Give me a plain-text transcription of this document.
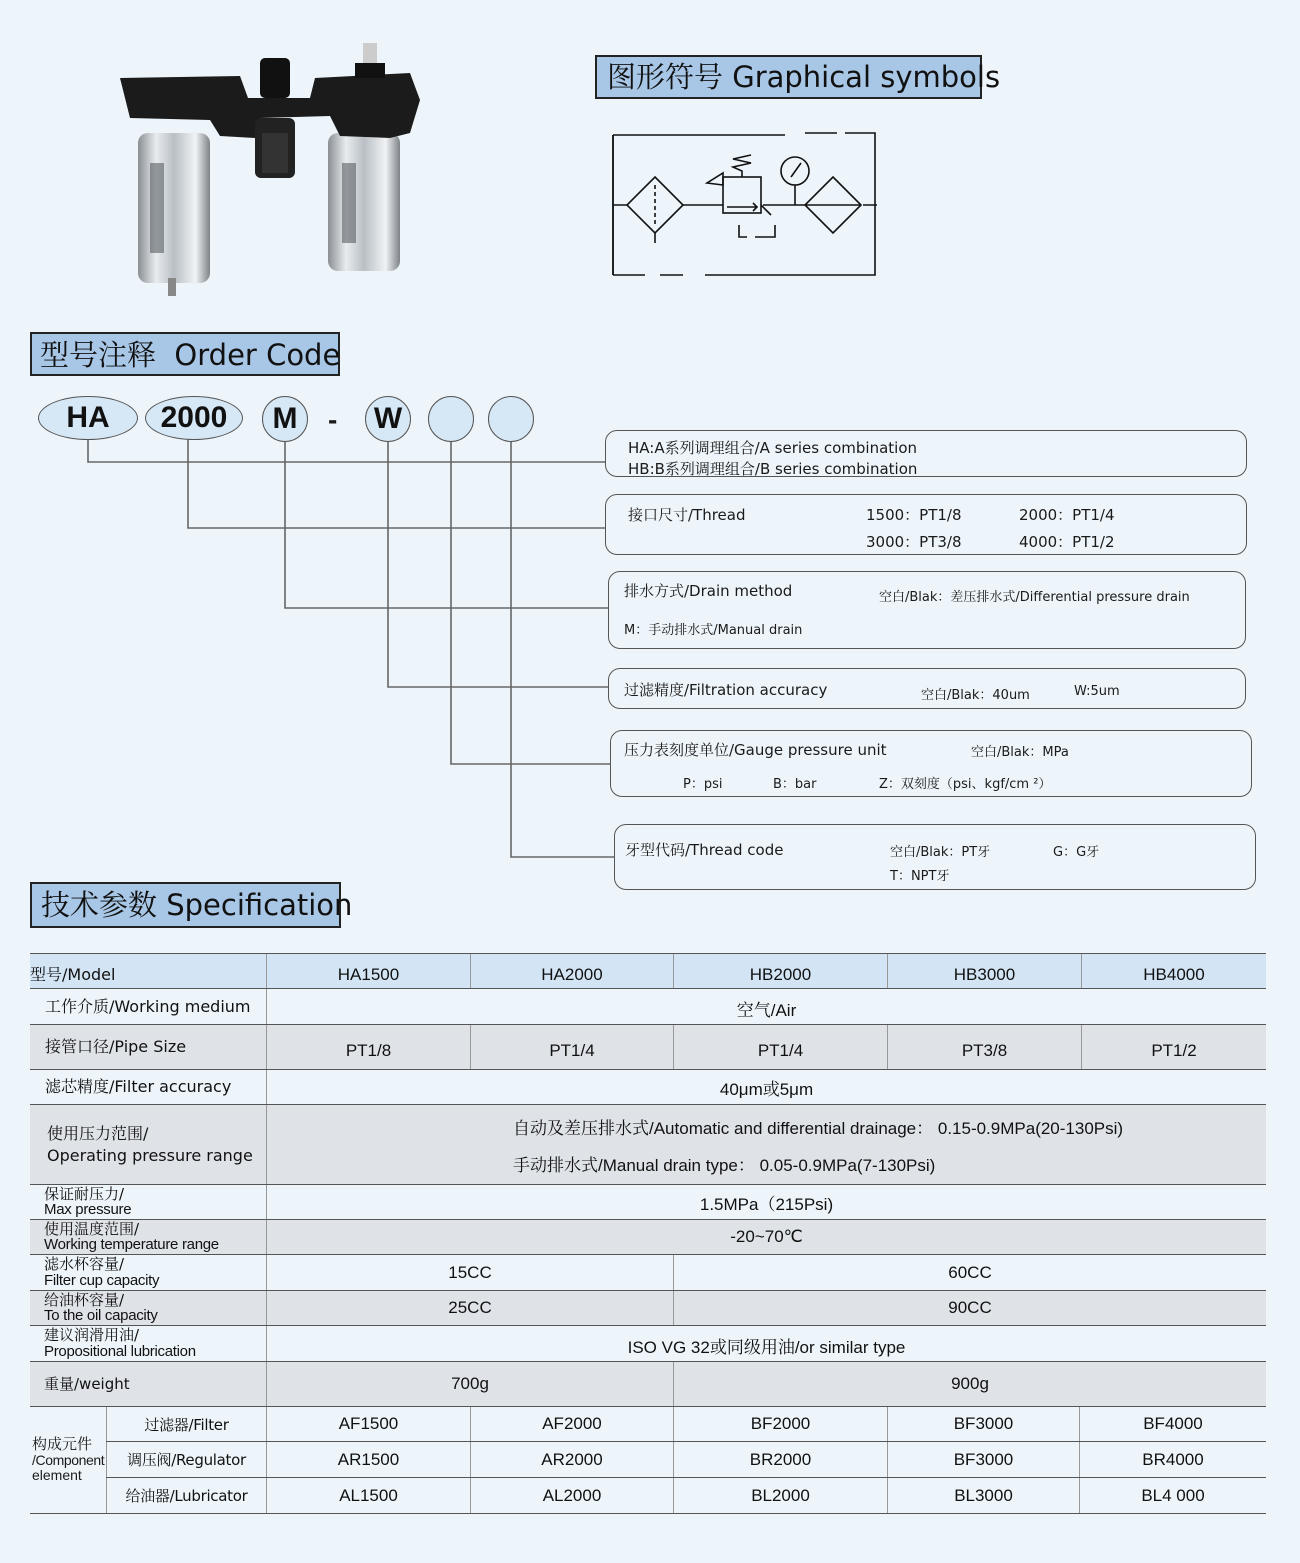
图形符号 Graphical symbols
型号注释  Order Code
HA	2000	M	- W
HA:A系列调理组合/A series combination
HB:B系列调理组合/B series combination
接口尺寸/Thread	1500：PT1/8	2000：PT1/4
3000：PT3/8	4000：PT1/2
排水方式/Drain method	空白/Blak：差压排水式/Differential pressure drain
M：手动排水式/Manual drain
过滤精度/Filtration accuracy	空白/Blak：40um	W:5um
压力表刻度单位/Gauge pressure unit	空白/Blak：MPa
P：psi	B：bar	Z：双刻度（psi、kgf/cm ²）
牙型代码/Thread code	空白/Blak：PT牙	G：G牙
T：NPT牙
技术参数 Specification
型号/Model	HA1500	HA2000	HB2000	HB3000	HB4000
工作介质/Working medium	空气/Air
接管口径/Pipe Size	PT1/8	PT1/4	PT1/4	PT3/8	PT1/2
滤芯精度/Filter accuracy	40μm或5μm
使用压力范围/
Operating pressure range
自动及差压排水式/Automatic and differential drainage： 0.15-0.9MPa(20-130Psi)
手动排水式/Manual drain type： 0.05-0.9MPa(7-130Psi)
保证耐压力/
Max pressure	1.5MPa（215Psi)
使用温度范围/
Working temperature range	-20~70℃
滤水杯容量/
Filter cup capacity	15CC	60CC
给油杯容量/
To the oil capacity	25CC	90CC
建议润滑用油/
Propositional lubrication	ISO VG 32或同级用油/or similar type
重量/weight	700g	900g
构成元件
/Component
element
过滤器/Filter	AF1500	AF2000	BF2000	BF3000	BF4000
调压阀/Regulator	AR1500	AR2000	BR2000	BF3000	BR4000
给油器/Lubricator	AL1500	AL2000	BL2000	BL3000	BL4 000
